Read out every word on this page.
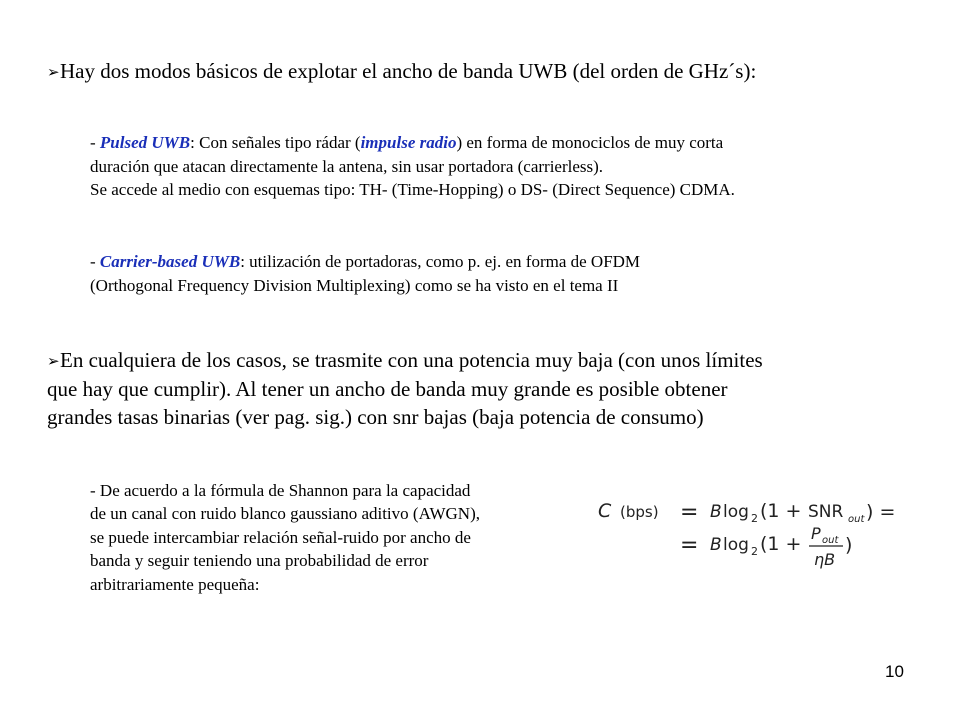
➢Hay dos modos básicos de explotar el ancho de banda UWB (del orden de GHz´s):
- Pulsed UWB: Con señales tipo rádar (impulse radio) en forma de monociclos de muy corta
duración que atacan directamente la antena, sin usar portadora (carrierless).
Se accede al medio con esquemas tipo: TH- (Time-Hopping) o DS- (Direct Sequence) CDMA.
- Carrier-based UWB: utilización de portadoras, como p. ej. en forma de OFDM
(Orthogonal Frequency Division Multiplexing) como se ha visto en el tema II
➢En cualquiera de los casos, se trasmite con una potencia muy baja (con unos límites
que hay que cumplir). Al tener un ancho de banda muy grande es posible obtener
grandes tasas binarias (ver pag. sig.) con snr bajas (baja potencia de consumo)
- De acuerdo a la fórmula de Shannon para la capacidad
de un canal con ruido blanco gaussiano aditivo (AWGN),
se puede intercambiar relación señal-ruido por ancho de
banda y seguir teniendo una probabilidad de error
arbitrariamente pequeña:
C (bps) = B log 2 (1 + SNR out ) =
= B log 2 (1 + P out
ηB
)
10
